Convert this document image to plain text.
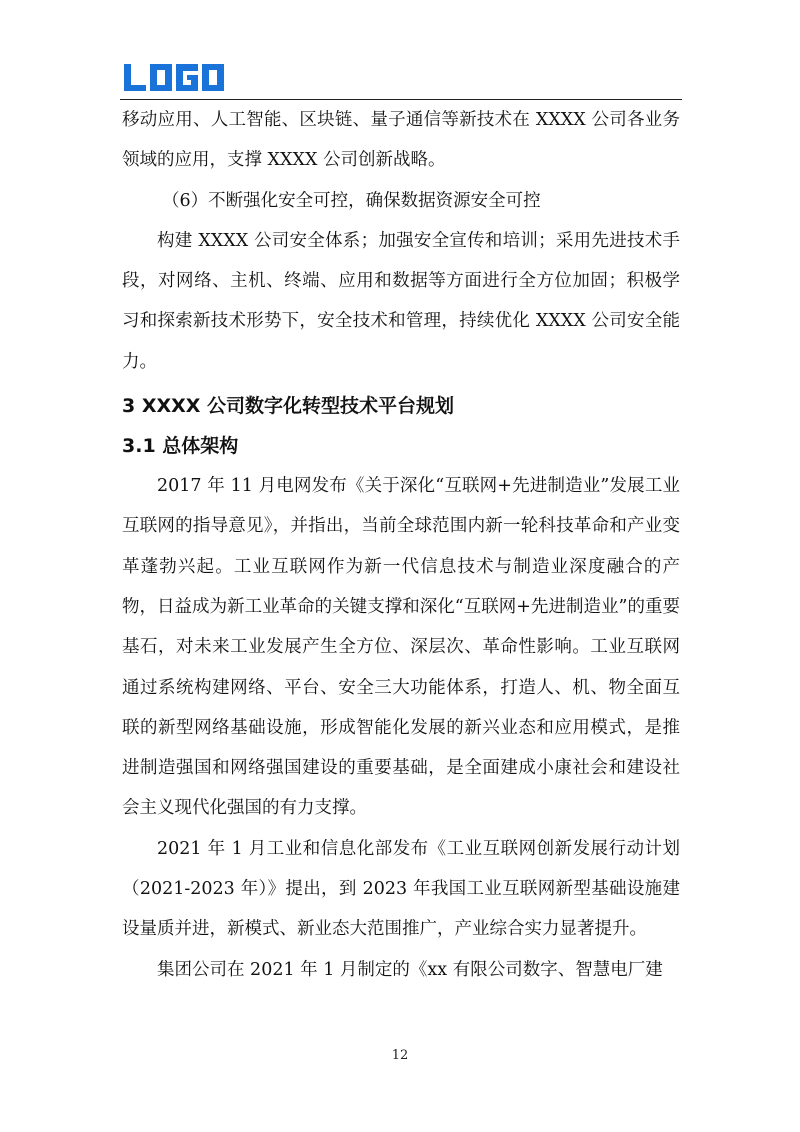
移动应用、人工智能、区块链、量子通信等新技术在 XXXX 公司各业务领域的应用，支撑 XXXX 公司创新战略。

（6）不断强化安全可控，确保数据资源安全可控

构建 XXXX 公司安全体系；加强安全宣传和培训；采用先进技术手段，对网络、主机、终端、应用和数据等方面进行全方位加固；积极学习和探索新技术形势下，安全技术和管理，持续优化 XXXX 公司安全能力。

3 XXXX 公司数字化转型技术平台规划
3.1 总体架构

2017 年 11 月电网发布《关于深化“互联网+先进制造业”发展工业互联网的指导意见》，并指出，当前全球范围内新一轮科技革命和产业变革蓬勃兴起。工业互联网作为新一代信息技术与制造业深度融合的产物，日益成为新工业革命的关键支撑和深化“互联网+先进制造业”的重要基石，对未来工业发展产生全方位、深层次、革命性影响。工业互联网通过系统构建网络、平台、安全三大功能体系，打造人、机、物全面互联的新型网络基础设施，形成智能化发展的新兴业态和应用模式，是推进制造强国和网络强国建设的重要基础，是全面建成小康社会和建设社会主义现代化强国的有力支撑。

2021 年 1 月工业和信息化部发布《工业互联网创新发展行动计划（2021-2023 年）》提出，到 2023 年我国工业互联网新型基础设施建设量质并进，新模式、新业态大范围推广，产业综合实力显著提升。

集团公司在 2021 年 1 月制定的《xx 有限公司数字、智慧电厂建

12
